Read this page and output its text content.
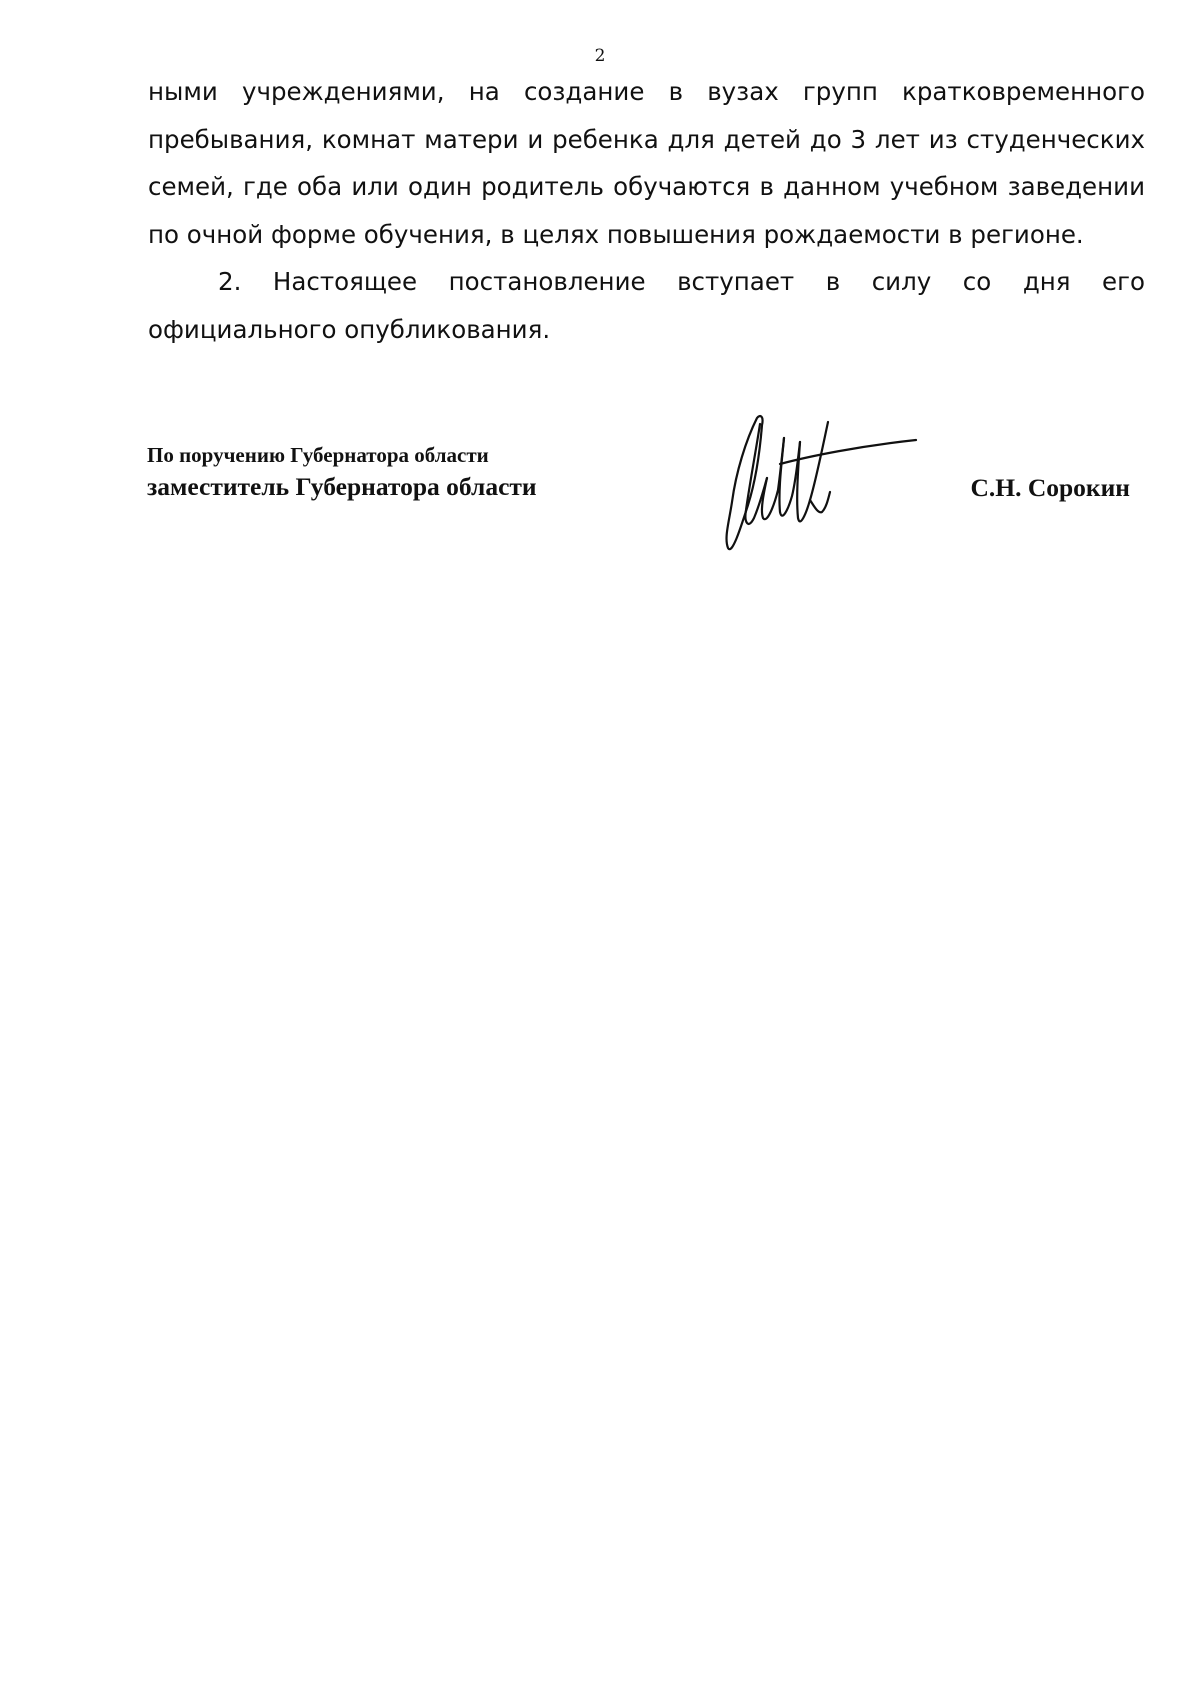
2

ными учреждениями, на создание в вузах групп кратковременного пребывания, комнат матери и ребенка для детей до 3 лет из студенческих семей, где оба или один родитель обучаются в данном учебном заведении по очной форме обучения, в целях повышения рождаемости в регионе.

2. Настоящее постановление вступает в силу со дня его официального опубликования.

По поручению Губернатора области
заместитель Губернатора области	С.Н. Сорокин
